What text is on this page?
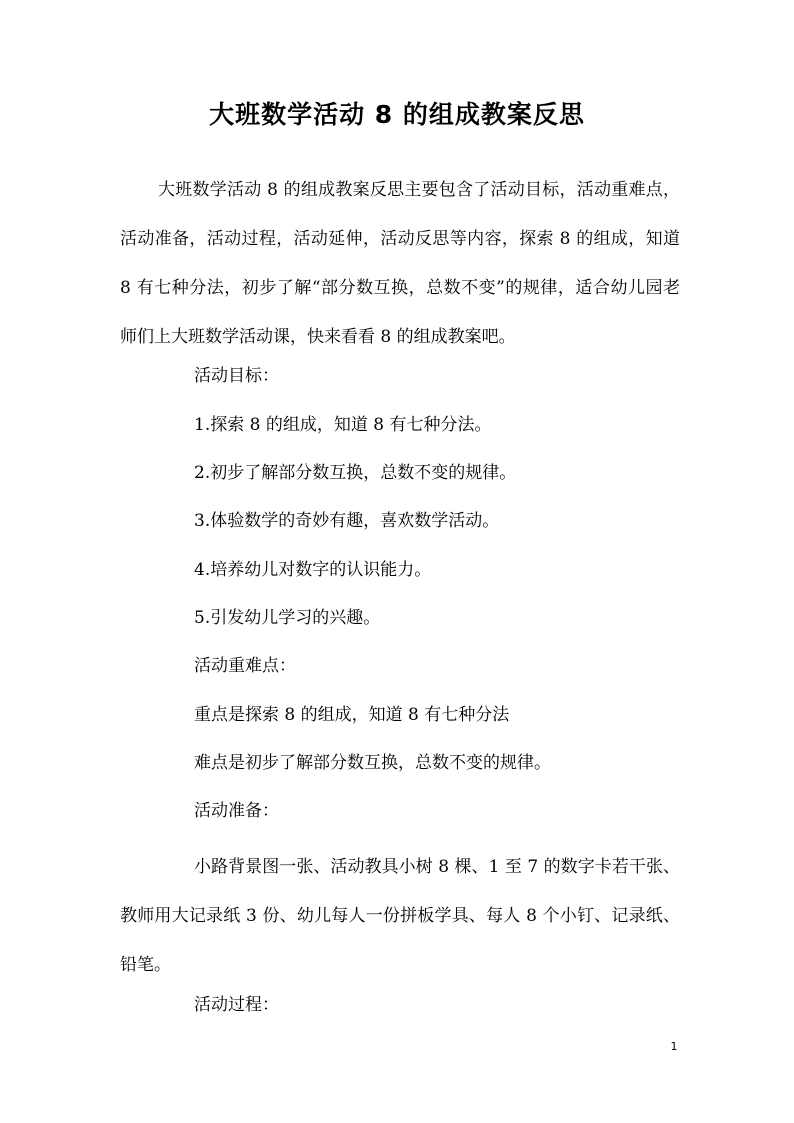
大班数学活动 8 的组成教案反思

大班数学活动 8 的组成教案反思主要包含了活动目标，活动重难点，活动准备，活动过程，活动延伸，活动反思等内容，探索 8 的组成，知道 8 有七种分法，初步了解“部分数互换，总数不变”的规律，适合幼儿园老师们上大班数学活动课，快来看看 8 的组成教案吧。

活动目标：

1.探索 8 的组成，知道 8 有七种分法。

2.初步了解部分数互换，总数不变的规律。

3.体验数学的奇妙有趣，喜欢数学活动。

4.培养幼儿对数字的认识能力。

5.引发幼儿学习的兴趣。

活动重难点：

重点是探索 8 的组成，知道 8 有七种分法

难点是初步了解部分数互换，总数不变的规律。

活动准备：

小路背景图一张、活动教具小树 8 棵、1 至 7 的数字卡若干张、教师用大记录纸 3 份、幼儿每人一份拼板学具、每人 8 个小钉、记录纸、铅笔。

活动过程：

1
